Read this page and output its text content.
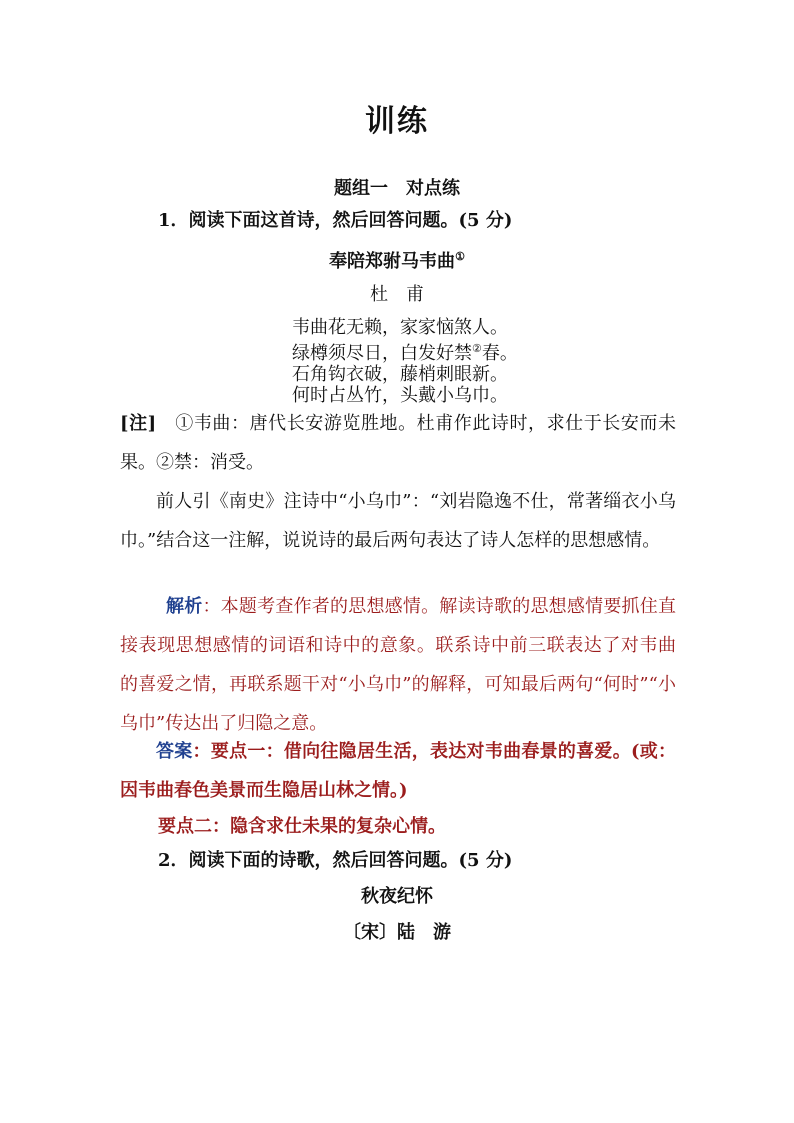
训练
题组一　对点练
1．阅读下面这首诗，然后回答问题。(5 分)
奉陪郑驸马韦曲①
杜　甫
韦曲花无赖，家家恼煞人。
绿樽须尽日，白发好禁②春。
石角钩衣破，藤梢刺眼新。
何时占丛竹，头戴小乌巾。
[注]　①韦曲：唐代长安游览胜地。杜甫作此诗时，求仕于长安而未果。②禁：消受。
前人引《南史》注诗中“小乌巾”：“刘岩隐逸不仕，常著缁衣小乌巾。”结合这一注解，说说诗的最后两句表达了诗人怎样的思想感情。
解析：本题考查作者的思想感情。解读诗歌的思想感情要抓住直接表现思想感情的词语和诗中的意象。联系诗中前三联表达了对韦曲的喜爱之情，再联系题干对“小乌巾”的解释，可知最后两句“何时”“小乌巾”传达出了归隐之意。
答案：要点一：借向往隐居生活，表达对韦曲春景的喜爱。(或：因韦曲春色美景而生隐居山林之情。)
要点二：隐含求仕未果的复杂心情。
2．阅读下面的诗歌，然后回答问题。(5 分)
秋夜纪怀
〔宋〕陆　游
